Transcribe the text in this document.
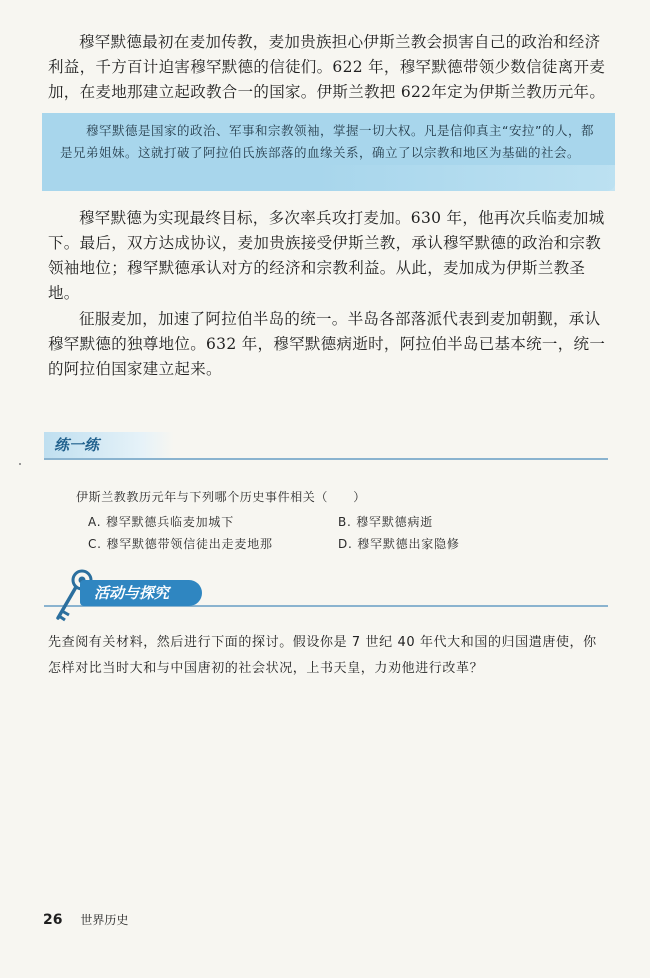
穆罕默德最初在麦加传教，麦加贵族担心伊斯兰教会损害自己的政治和经济利益，千方百计迫害穆罕默德的信徒们。622 年，穆罕默德带领少数信徒离开麦加，在麦地那建立起政教合一的国家。伊斯兰教把 622年定为伊斯兰教历元年。

穆罕默德是国家的政治、军事和宗教领袖，掌握一切大权。凡是信仰真主“安拉”的人，都是兄弟姐妹。这就打破了阿拉伯氏族部落的血缘关系，确立了以宗教和地区为基础的社会。

穆罕默德为实现最终目标，多次率兵攻打麦加。630 年，他再次兵临麦加城下。最后，双方达成协议，麦加贵族接受伊斯兰教，承认穆罕默德的政治和宗教领袖地位；穆罕默德承认对方的经济和宗教利益。从此，麦加成为伊斯兰教圣地。

征服麦加，加速了阿拉伯半岛的统一。半岛各部落派代表到麦加朝觐，承认穆罕默德的独尊地位。632 年，穆罕默德病逝时，阿拉伯半岛已基本统一，统一的阿拉伯国家建立起来。

练一练
伊斯兰教教历元年与下列哪个历史事件相关（　　）
A. 穆罕默德兵临麦加城下	B. 穆罕默德病逝
C. 穆罕默德带领信徒出走麦地那	D. 穆罕默德出家隐修
活动与探究
先查阅有关材料，然后进行下面的探讨。假设你是 7 世纪 40 年代大和国的归国遣唐使，你怎样对比当时大和与中国唐初的社会状况，上书天皇，力劝他进行改革？
26 世界历史
